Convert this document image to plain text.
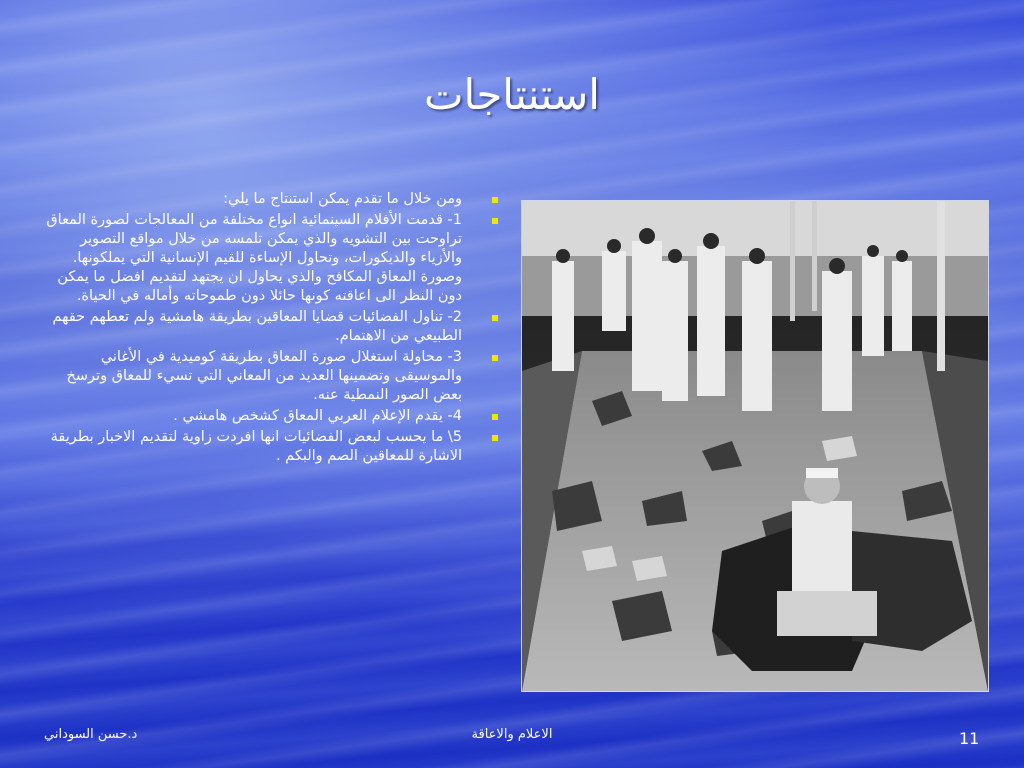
استنتاجات
ومن خلال ما تقدم يمكن استنتاج ما يلي:
1- قدمت الأفلام السينمائية انواع مختلفة من المعالجات لصورة المعاق تراوحت بين التشويه والذي يمكن تلمسه من خلال مواقع التصوير والأزياء والديكورات، وتحاول الإساءة للقيم الإنسانية التي يملكونها. وصورة المعاق المكافح والذي يحاول ان يجتهد لتقديم افضل ما يمكن دون النظر الى اعاقته كونها حائلا دون طموحاته وأماله في الحياة.
2- تناول الفضائيات قضايا المعاقين بطريقة هامشية ولم تعطهم حقهم الطبيعي من الاهتمام.
3- محاولة استغلال صورة المعاق بطريقة كوميدية في الأغاني والموسيقى وتضمينها العديد من المعاني التي تسيء للمعاق وترسخ بعض الصور النمطية عنه.
4- يقدم الإعلام العربي المعاق كشخص هامشي .
5\ ما يحسب لبعض الفضائيات انها افردت زاوية لتقديم الاخبار بطريقة الاشارة للمعاقين الصم والبكم .
د.حسن السوداني	الاعلام والاعاقة	11
